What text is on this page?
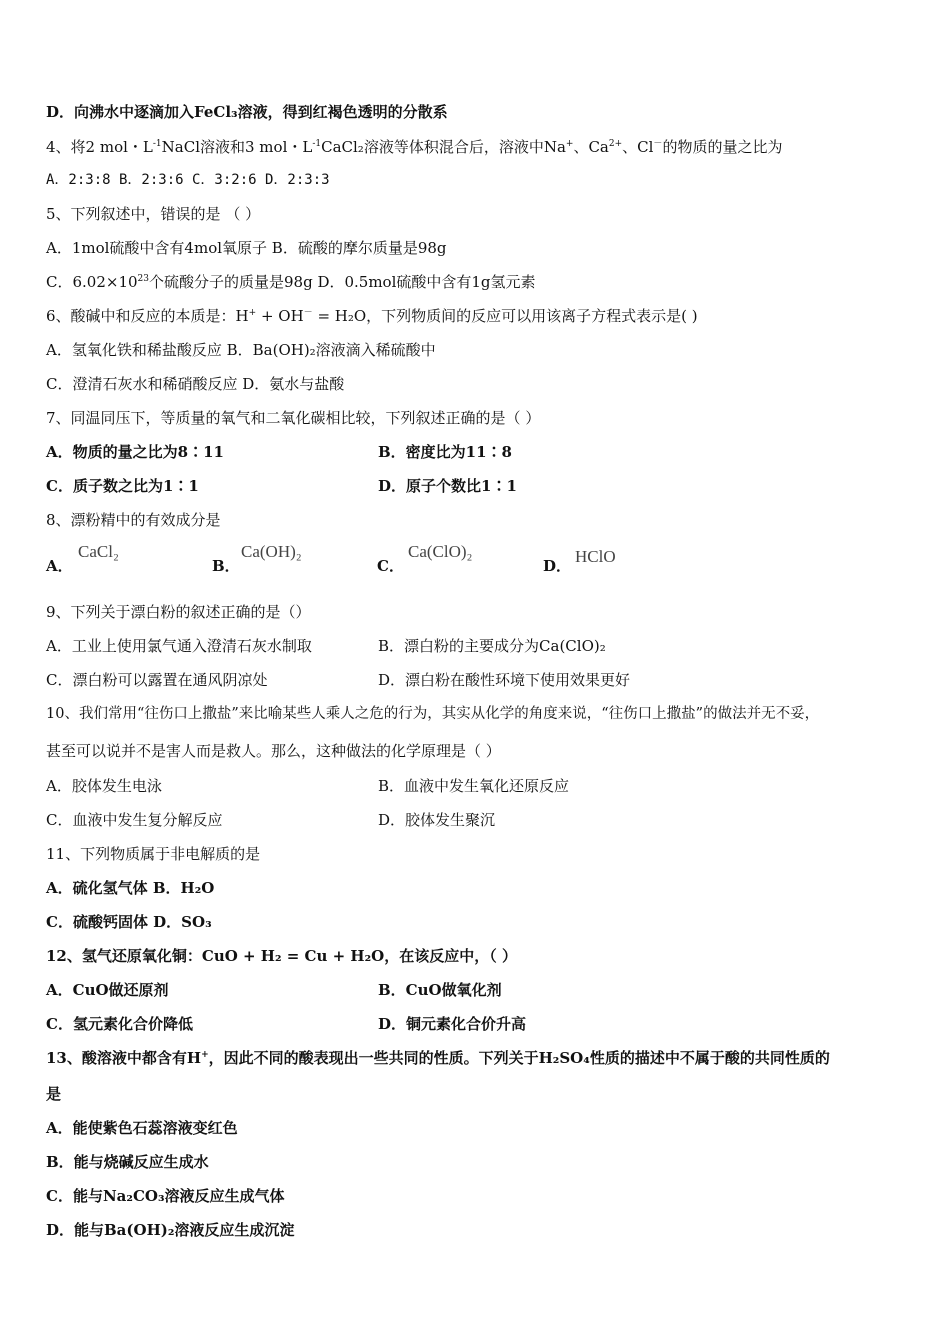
D．向沸水中逐滴加入FeCl₃溶液，得到红褐色透明的分散系
4、将2 mol・$L^{-1}NaCl$溶液和3 mol・$L^{-1}CaCl_2$溶液等体积混合后，溶液中Na+、$Ca^{2+}$、Cl－的物质的量之比为
A．2:3:8 B．2:3:6 C．3:2:6 D．2:3:3
5、下列叙述中，错误的是 （ ）
A．1mol硫酸中含有4mol氧原子 B．硫酸的摩尔质量是98g
C．$6.02\times 10^{23}$个硫酸分子的质量是98g D．0.5mol硫酸中含有1g氢元素
6、酸碱中和反应的本质是：H+ + OH－ = H₂O，下列物质间的反应可以用该离子方程式表示是( )
A．氢氧化铁和稀盐酸反应 B．Ba(OH)₂溶液滴入稀硫酸中
C．澄清石灰水和稀硝酸反应 D．氨水与盐酸
7、同温同压下，等质量的氧气和二氧化碳相比较，下列叙述正确的是（ ）
A．物质的量之比为8∶11	B．密度比为11∶8
C．质子数之比为1∶1	D．原子个数比1∶1
8、漂粉精中的有效成分是
A．
CaCl₂
B．
Ca(OH)₂
C．
Ca(ClO)₂
D． HClO
9、下列关于漂白粉的叙述正确的是（）
A．工业上使用氯气通入澄清石灰水制取	B．漂白粉的主要成分为Ca(ClO)₂
C．漂白粉可以露置在通风阴凉处	D．漂白粉在酸性环境下使用效果更好
10、我们常用“往伤口上撒盐”来比喻某些人乘人之危的行为，其实从化学的角度来说，“往伤口上撒盐”的做法并无不妥，
甚至可以说并不是害人而是救人。那么，这种做法的化学原理是（ ）
A．胶体发生电泳	B．血液中发生氧化还原反应
C．血液中发生复分解反应	D．胶体发生聚沉
11、下列物质属于非电解质的是
A．硫化氢气体 B．H₂O
C．硫酸钙固体 D．SO₃
12、氢气还原氧化铜：CuO + H₂ = Cu + H₂O，在该反应中，（ ）
A．CuO做还原剂	B．CuO做氧化剂
C．氢元素化合价降低	D．铜元素化合价升高
13、酸溶液中都含有H+，因此不同的酸表现出一些共同的性质。下列关于H₂SO₄性质的描述中不属于酸的共同性质的
是
A．能使紫色石蕊溶液变红色
B．能与烧碱反应生成水
C．能与Na₂CO₃溶液反应生成气体
D．能与Ba(OH)₂溶液反应生成沉淀
